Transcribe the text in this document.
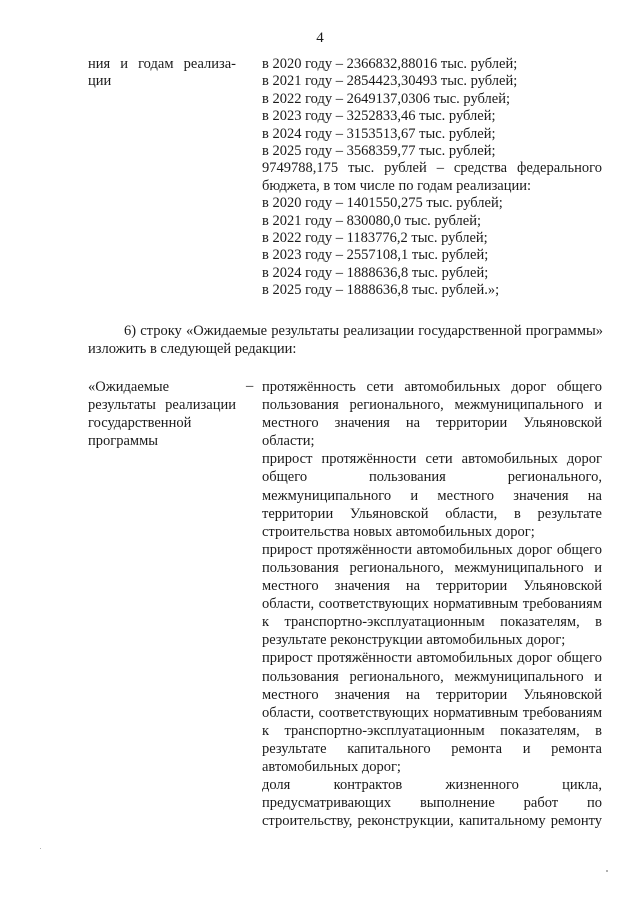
4
ния и годам реализа-
ции
в 2020 году – 2366832,88016 тыс. рублей;
в 2021 году – 2854423,30493 тыс. рублей;
в 2022 году – 2649137,0306 тыс. рублей;
в 2023 году – 3252833,46 тыс. рублей;
в 2024 году – 3153513,67 тыс. рублей;
в 2025 году – 3568359,77 тыс. рублей;
9749788,175 тыс. рублей – средства федерального
бюджета, в том числе по годам реализации:
в 2020 году – 1401550,275 тыс. рублей;
в 2021 году – 830080,0 тыс. рублей;
в 2022 году – 1183776,2 тыс. рублей;
в 2023 году – 2557108,1 тыс. рублей;
в 2024 году – 1888636,8 тыс. рублей;
в 2025 году – 1888636,8 тыс. рублей.»;
6) строку «Ожидаемые результаты реализации государственной программы» изложить в следующей редакции:
«Ожидаемые результаты реализации государственной программы
– протяжённость сети автомобильных дорог общего пользования регионального, межмуниципального и местного значения на территории Ульяновской области;

прирост протяжённости сети автомобильных дорог общего пользования регионального, межмуниципального и местного значения на территории Ульяновской области, в результате строительства новых автомобильных дорог;

прирост протяжённости автомобильных дорог общего пользования регионального, межмуниципального и местного значения на территории Ульяновской области, соответствующих нормативным требованиям к транспортно-эксплуатационным показателям, в результате реконструкции автомобильных дорог;

прирост протяжённости автомобильных дорог общего пользования регионального, межмуниципального и местного значения на территории Ульяновской области, соответствующих нормативным требованиям к транспортно-эксплуатационным показателям, в результате капитального ремонта и ремонта автомобильных дорог;

доля контрактов жизненного цикла, предусматривающих выполнение работ по строительству, реконструкции, капитальному ремонту
